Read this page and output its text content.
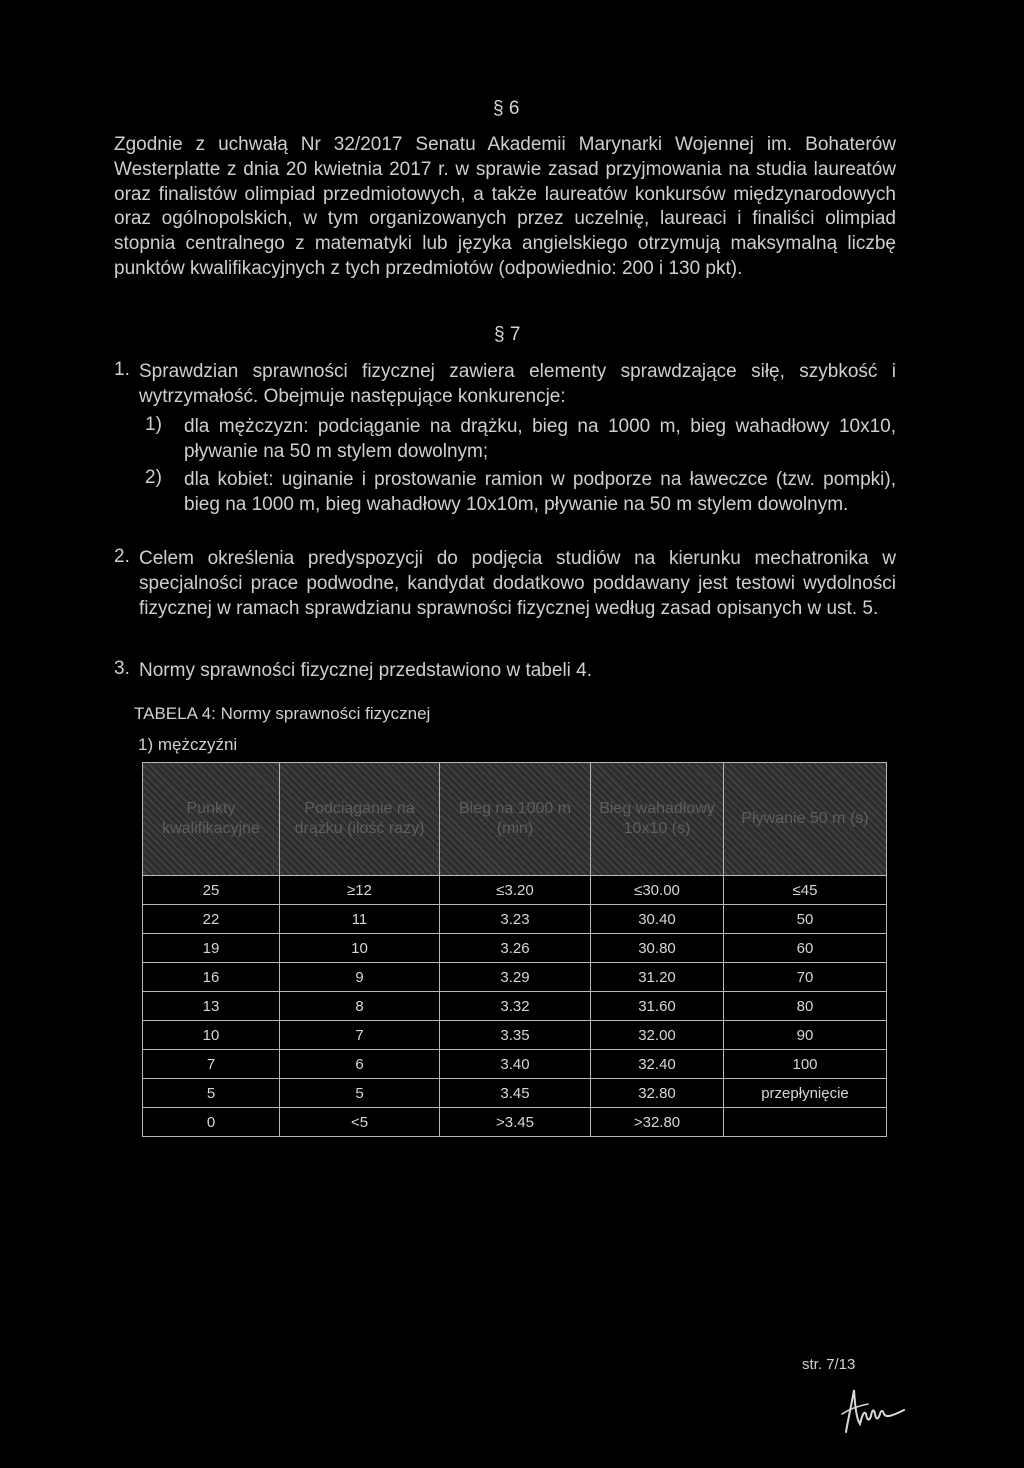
§ 6
Zgodnie z uchwałą Nr 32/2017 Senatu Akademii Marynarki Wojennej im. Bohaterów Westerplatte z dnia 20 kwietnia 2017 r. w sprawie zasad przyjmowania na studia laureatów oraz finalistów olimpiad przedmiotowych, a także laureatów konkursów międzynarodowych oraz ogólnopolskich, w tym organizowanych przez uczelnię, laureaci i finaliści olimpiad stopnia centralnego z matematyki lub języka angielskiego otrzymują maksymalną liczbę punktów kwalifikacyjnych z tych przedmiotów (odpowiednio: 200 i 130 pkt).
§ 7
1. Sprawdzian sprawności fizycznej zawiera elementy sprawdzające siłę, szybkość i wytrzymałość. Obejmuje następujące konkurencje:
1) dla mężczyzn: podciąganie na drążku, bieg na 1000 m, bieg wahadłowy 10x10, pływanie na 50 m stylem dowolnym;
2) dla kobiet: uginanie i prostowanie ramion w podporze na ławeczce (tzw. pompki), bieg na 1000 m, bieg wahadłowy 10x10m, pływanie na 50 m stylem dowolnym.
2. Celem określenia predyspozycji do podjęcia studiów na kierunku mechatronika w specjalności prace podwodne, kandydat dodatkowo poddawany jest testowi wydolności fizycznej w ramach sprawdzianu sprawności fizycznej według zasad opisanych w ust. 5.
3. Normy sprawności fizycznej przedstawiono w tabeli 4.
TABELA 4: Normy sprawności fizycznej
1) mężczyźni
Punkty kwalifikacyjne	Podciąganie na drążku (ilość razy)	Bieg na 1000 m (min)	Bieg wahadłowy 10x10 (s)	Pływanie 50 m (s)
25	≥12	≤3.20	≤30.00	≤45
22	11	3.23	30.40	50
19	10	3.26	30.80	60
16	9	3.29	31.20	70
13	8	3.32	31.60	80
10	7	3.35	32.00	90
7	6	3.40	32.40	100
5	5	3.45	32.80	przepłynięcie
0	<5	>3.45	>32.80	
str. 7/13
